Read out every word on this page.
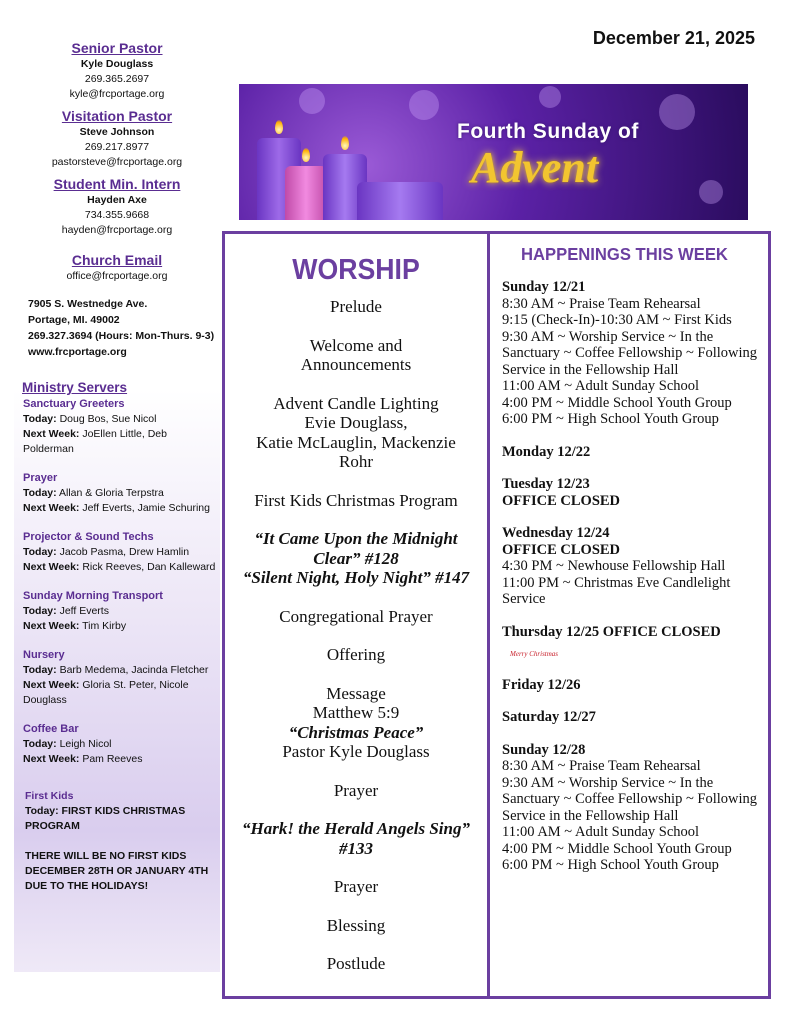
December 21, 2025
Senior Pastor
Kyle Douglass
269.365.2697
kyle@frcportage.org
Visitation Pastor
Steve Johnson
269.217.8977
pastorsteve@frcportage.org
Student Min. Intern
Hayden Axe
734.355.9668
hayden@frcportage.org
Church Email
office@frcportage.org
7905 S. Westnedge Ave.
Portage, MI. 49002
269.327.3694 (Hours: Mon-Thurs. 9-3)
www.frcportage.org
Ministry Servers
Sanctuary Greeters
Today: Doug Bos, Sue Nicol
Next Week: JoEllen Little, Deb Polderman
Prayer
Today: Allan & Gloria Terpstra
Next Week: Jeff Everts, Jamie Schuring
Projector & Sound Techs
Today: Jacob Pasma, Drew Hamlin
Next Week: Rick Reeves, Dan Kalleward
Sunday Morning Transport
Today: Jeff Everts
Next Week: Tim Kirby
Nursery
Today: Barb Medema, Jacinda Fletcher
Next Week: Gloria St. Peter, Nicole Douglass
Coffee Bar
Today: Leigh Nicol
Next Week: Pam Reeves
First Kids
Today: FIRST KIDS CHRISTMAS PROGRAM
THERE WILL BE NO FIRST KIDS DECEMBER 28TH OR JANUARY 4TH DUE TO THE HOLIDAYS!
Fourth Sunday of
Advent
WORSHIP
Prelude
Welcome and
Announcements
Advent Candle Lighting
Evie Douglass,
Katie McLauglin, Mackenzie
Rohr
First Kids Christmas Program
“It Came Upon the Midnight
Clear” #128
“Silent Night, Holy Night” #147
Congregational Prayer
Offering
Message
Matthew 5:9
“Christmas Peace”
Pastor Kyle Douglass
Prayer
“Hark! the Herald Angels Sing”
#133
Prayer
Blessing
Postlude
HAPPENINGS THIS WEEK
Sunday 12/21
8:30 AM ~ Praise Team Rehearsal
9:15 (Check-In)-10:30 AM ~ First Kids
9:30 AM ~ Worship Service ~ In the Sanctuary ~ Coffee Fellowship ~ Following Service in the Fellowship Hall
11:00 AM ~ Adult Sunday School
4:00 PM ~ Middle School Youth Group
6:00 PM ~ High School Youth Group
Monday 12/22
Tuesday 12/23
OFFICE CLOSED
Wednesday 12/24
OFFICE CLOSED
4:30 PM ~ Newhouse Fellowship Hall
11:00 PM ~ Christmas Eve Candlelight Service
Thursday 12/25 OFFICE CLOSED
Merry Christmas
Friday 12/26
Saturday 12/27
Sunday 12/28
8:30 AM ~ Praise Team Rehearsal
9:30 AM ~ Worship Service ~ In the Sanctuary ~ Coffee Fellowship ~ Following Service in the Fellowship Hall
11:00 AM ~ Adult Sunday School
4:00 PM ~ Middle School Youth Group
6:00 PM ~ High School Youth Group
